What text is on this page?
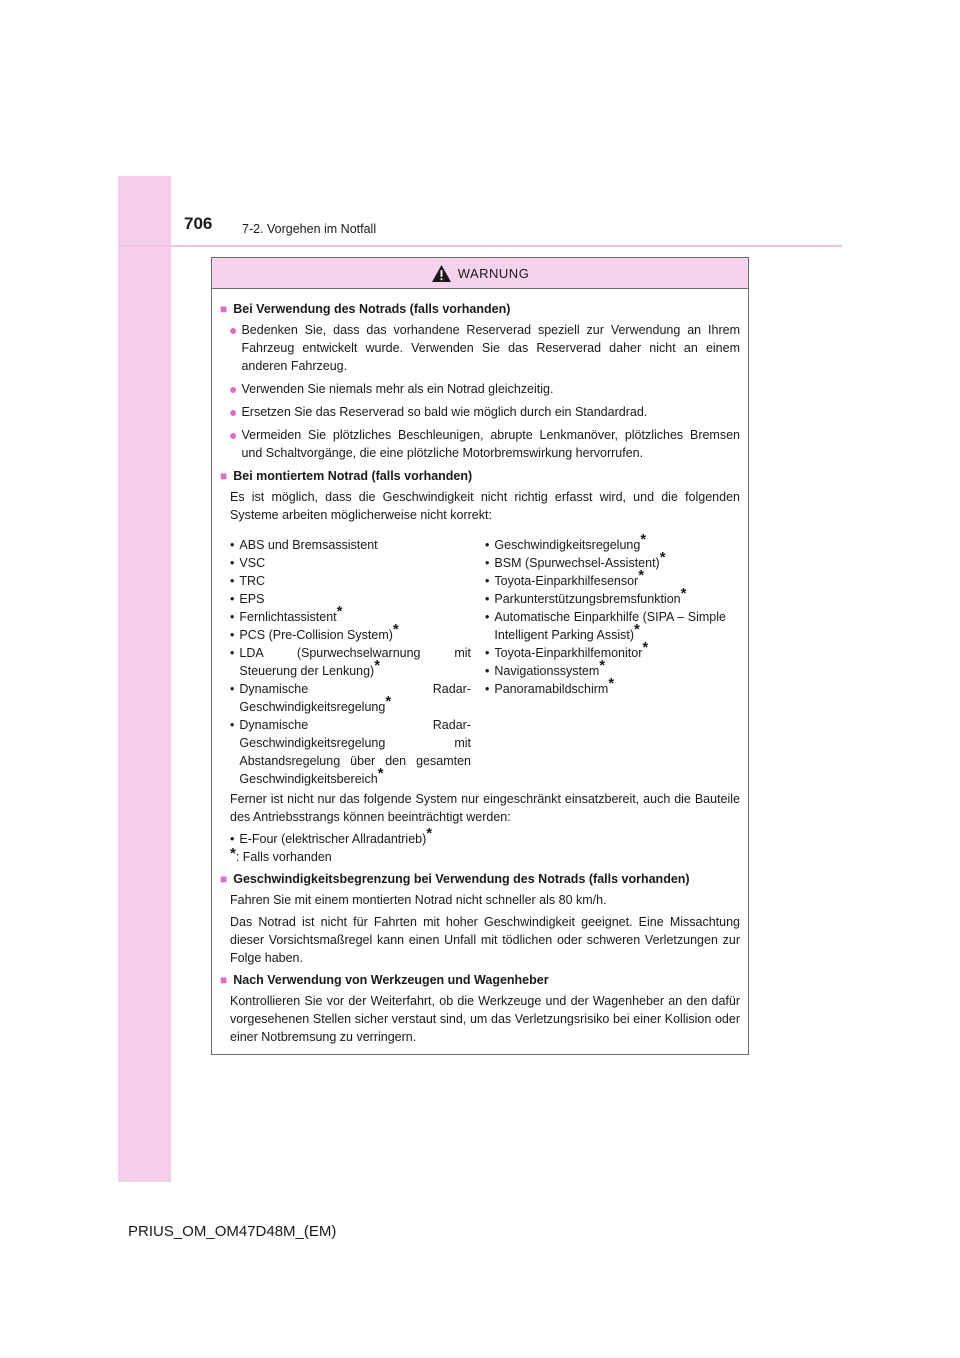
706 7-2. Vorgehen im Notfall
WARNUNG
■ Bei Verwendung des Notrads (falls vorhanden)
● Bedenken Sie, dass das vorhandene Reserverad speziell zur Verwendung an Ihrem Fahrzeug entwickelt wurde. Verwenden Sie das Reserverad daher nicht an einem anderen Fahrzeug.
● Verwenden Sie niemals mehr als ein Notrad gleichzeitig.
● Ersetzen Sie das Reserverad so bald wie möglich durch ein Standardrad.
● Vermeiden Sie plötzliches Beschleunigen, abrupte Lenkmanöver, plötzliches Bremsen und Schaltvorgänge, die eine plötzliche Motorbremswirkung hervorrufen.
■ Bei montiertem Notrad (falls vorhanden)
Es ist möglich, dass die Geschwindigkeit nicht richtig erfasst wird, und die folgenden Systeme arbeiten möglicherweise nicht korrekt:
• ABS und Bremsassistent
• VSC
• TRC
• EPS
• Fernlichtassistent*
• PCS (Pre-Collision System)*
• LDA (Spurwechselwarnung mit Steuerung der Lenkung)*
• Dynamische Radar-Geschwindigkeitsregelung*
• Dynamische Radar-Geschwindigkeitsregelung mit Abstandsregelung über den gesamten Geschwindigkeitsbereich*
• Geschwindigkeitsregelung*
• BSM (Spurwechsel-Assistent)*
• Toyota-Einparkhilfesensor*
• Parkunterstützungsbremsfunktion*
• Automatische Einparkhilfe (SIPA – Simple Intelligent Parking Assist)*
• Toyota-Einparkhilfemonitor*
• Navigationssystem*
• Panoramabildschirm*
Ferner ist nicht nur das folgende System nur eingeschränkt einsatzbereit, auch die Bauteile des Antriebsstrangs können beeinträchtigt werden:
• E-Four (elektrischer Allradantrieb)*
*: Falls vorhanden
■ Geschwindigkeitsbegrenzung bei Verwendung des Notrads (falls vorhanden)
Fahren Sie mit einem montierten Notrad nicht schneller als 80 km/h.
Das Notrad ist nicht für Fahrten mit hoher Geschwindigkeit geeignet. Eine Missachtung dieser Vorsichtsmaßregel kann einen Unfall mit tödlichen oder schweren Verletzungen zur Folge haben.
■ Nach Verwendung von Werkzeugen und Wagenheber
Kontrollieren Sie vor der Weiterfahrt, ob die Werkzeuge und der Wagenheber an den dafür vorgesehenen Stellen sicher verstaut sind, um das Verletzungsrisiko bei einer Kollision oder einer Notbremsung zu verringern.
PRIUS_OM_OM47D48M_(EM)
